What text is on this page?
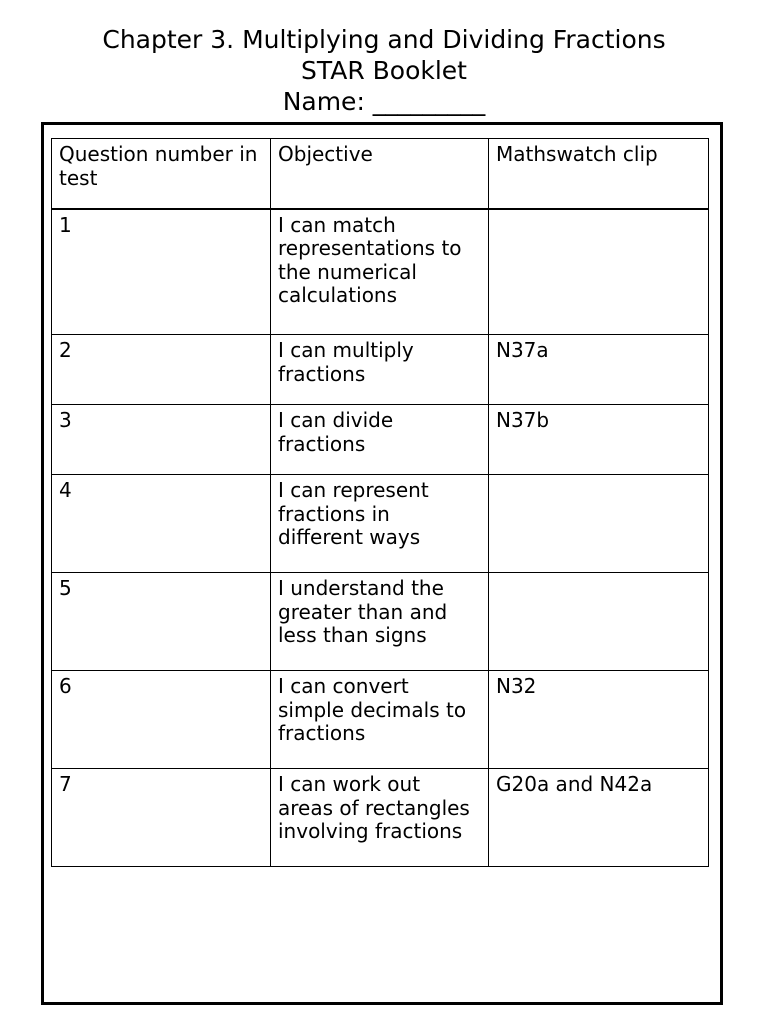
Chapter 3. Multiplying and Dividing Fractions
STAR Booklet
Name: _________
Question number in test	Objective	Mathswatch clip
1	I can match representations to the numerical calculations	
2	I can multiply fractions	N37a
3	I can divide fractions	N37b
4	I can represent fractions in different ways	
5	I understand the greater than and less than signs	
6	I can convert simple decimals to fractions	N32
7	I can work out areas of rectangles involving fractions	G20a and N42a
